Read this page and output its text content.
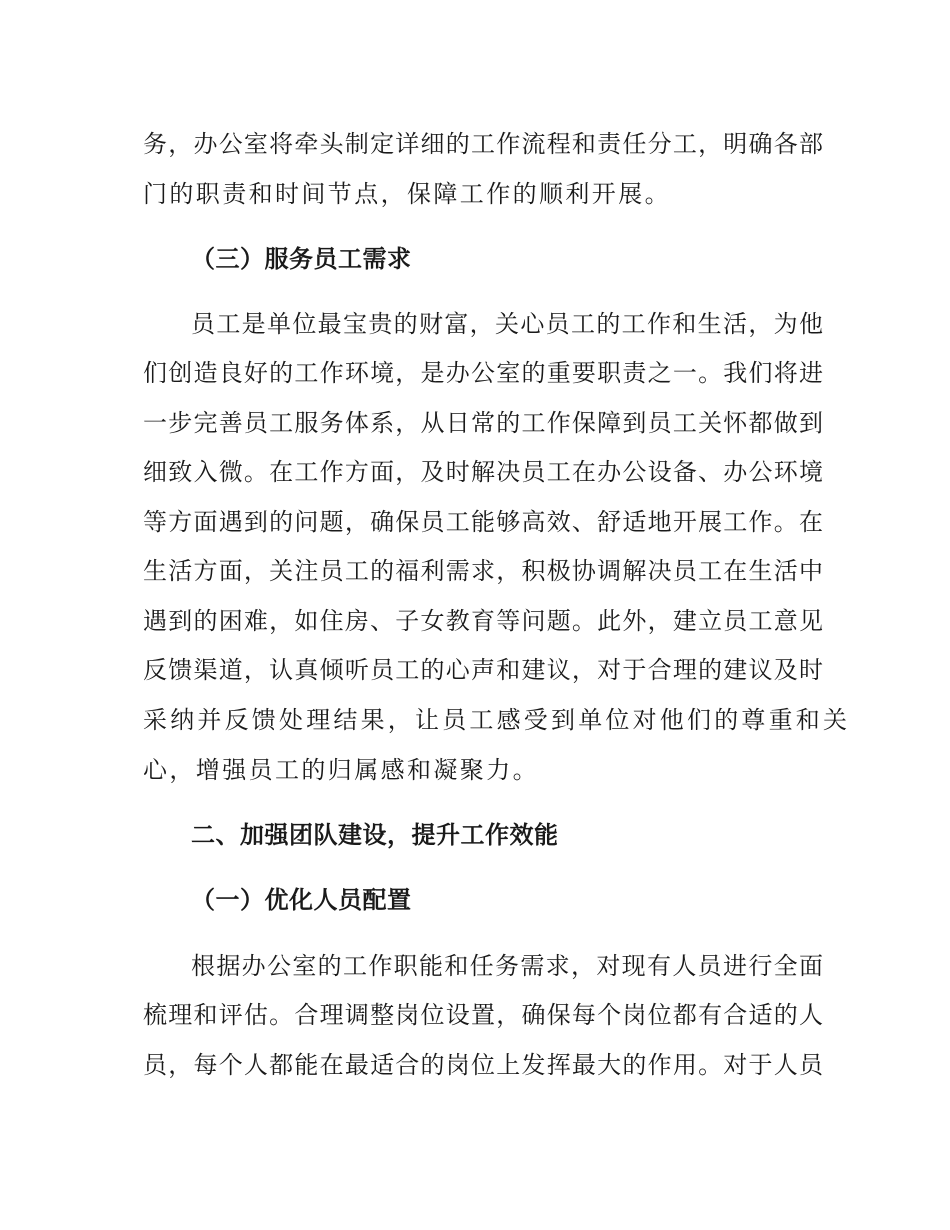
务，办公室将牵头制定详细的工作流程和责任分工，明确各部
门的职责和时间节点，保障工作的顺利开展。
（三）服务员工需求
员工是单位最宝贵的财富，关心员工的工作和生活，为他
们创造良好的工作环境，是办公室的重要职责之一。我们将进
一步完善员工服务体系，从日常的工作保障到员工关怀都做到
细致入微。在工作方面，及时解决员工在办公设备、办公环境
等方面遇到的问题，确保员工能够高效、舒适地开展工作。在
生活方面，关注员工的福利需求，积极协调解决员工在生活中
遇到的困难，如住房、子女教育等问题。此外，建立员工意见
反馈渠道，认真倾听员工的心声和建议，对于合理的建议及时
采纳并反馈处理结果，让员工感受到单位对他们的尊重和关
心，增强员工的归属感和凝聚力。
二、加强团队建设，提升工作效能
（一）优化人员配置
根据办公室的工作职能和任务需求，对现有人员进行全面
梳理和评估。合理调整岗位设置，确保每个岗位都有合适的人
员，每个人都能在最适合的岗位上发挥最大的作用。对于人员
